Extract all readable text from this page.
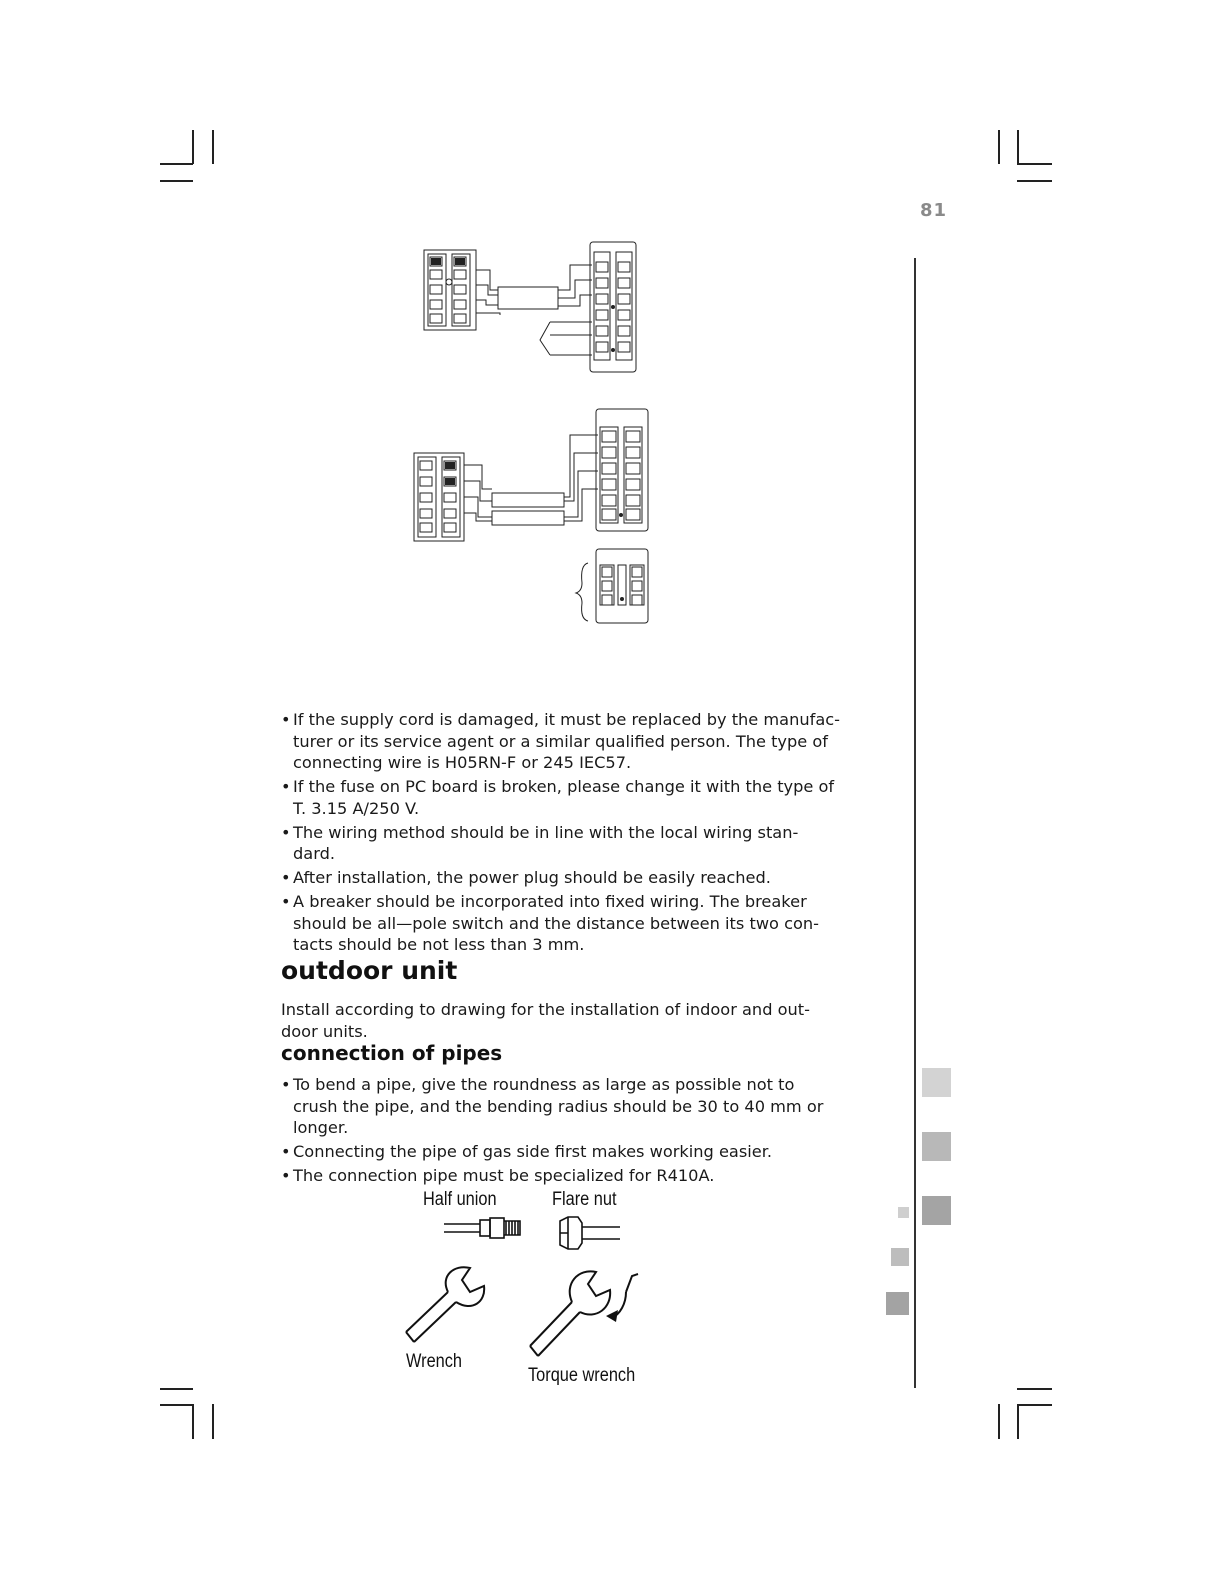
81
• If the supply cord is damaged, it must be replaced by the manufac-
turer or its service agent or a similar qualified person. The type of
connecting wire is H05RN-F or 245 IEC57.
• If the fuse on PC board is broken, please change it with the type of
T. 3.15 A/250 V.
• The wiring method should be in line with the local wiring stan-
dard.
• After installation, the power plug should be easily reached.
• A breaker should be incorporated into fixed wiring. The breaker
should be all—pole switch and the distance between its two con-
tacts should be not less than 3 mm.
outdoor unit
Install according to drawing for the installation of indoor and out-
door units.
connection of pipes
• To bend a pipe, give the roundness as large as possible not to
crush the pipe, and the bending radius should be 30 to 40 mm or
longer.
• Connecting the pipe of gas side first makes working easier.
• The connection pipe must be specialized for R410A.
Half union	Flare nut
Wrench
Torque wrench
